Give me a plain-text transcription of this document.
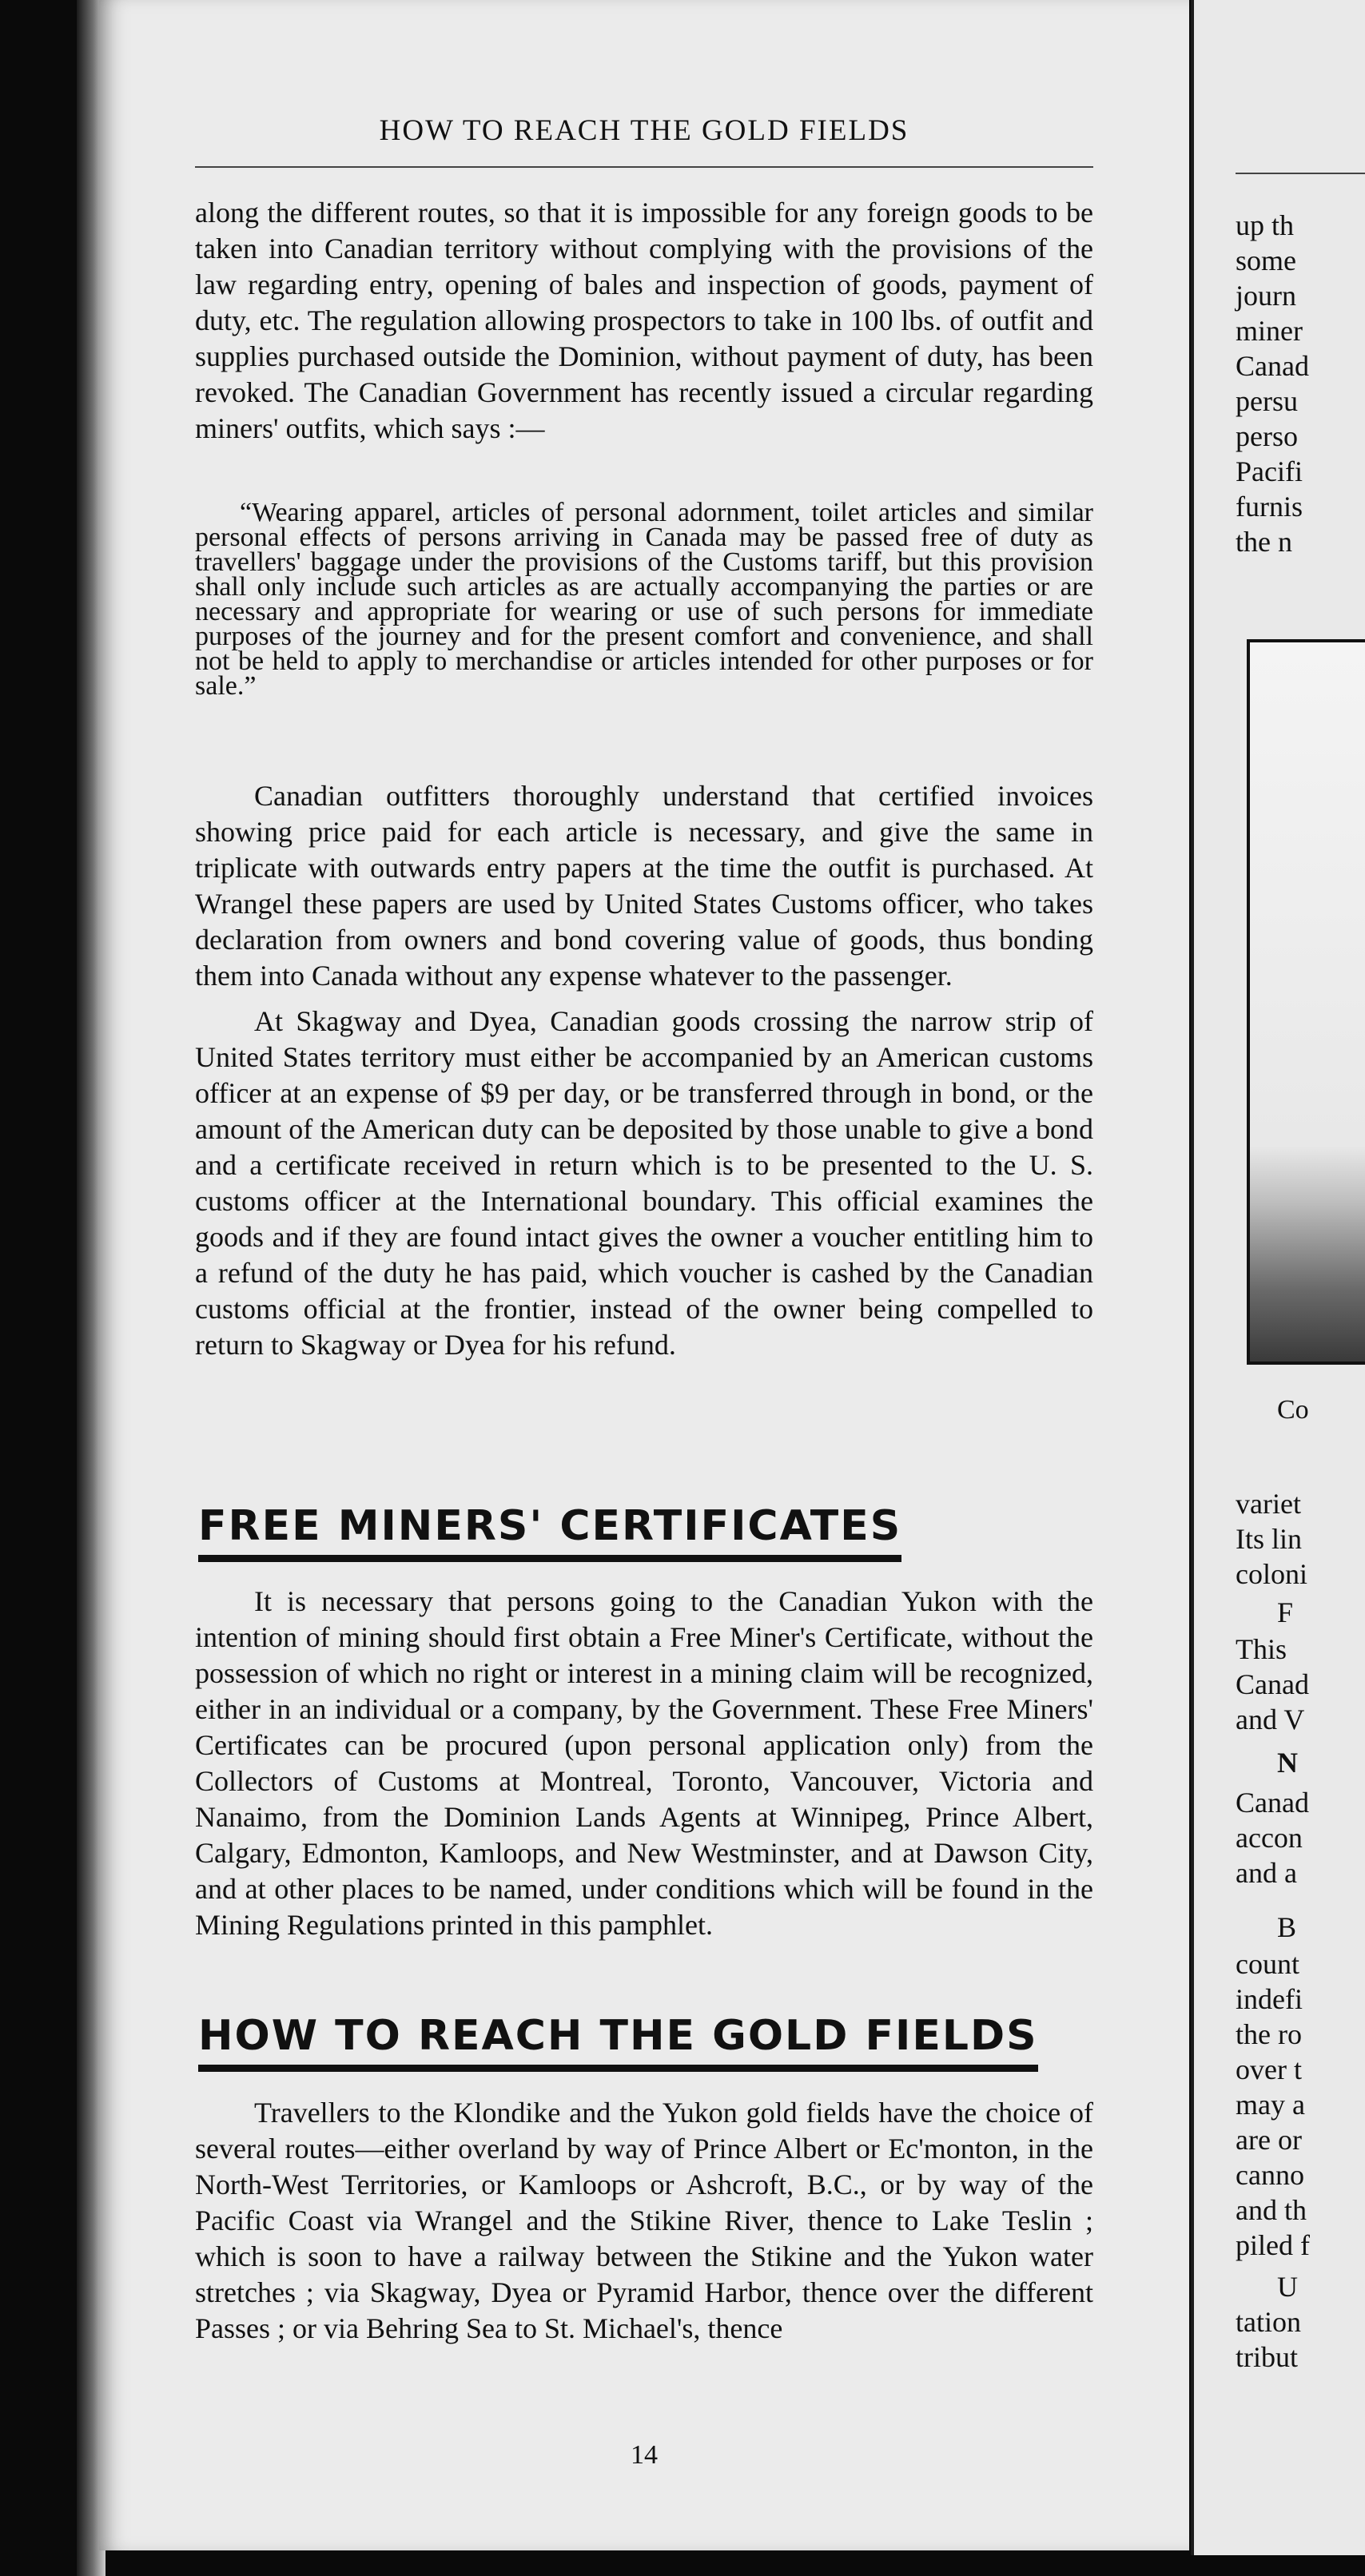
HOW TO REACH THE GOLD FIELDS

along the different routes, so that it is impossible for any foreign goods to be taken into Canadian territory without complying with the provisions of the law regarding entry, opening of bales and inspection of goods, payment of duty, etc. The regulation allowing prospectors to take in 100 lbs. of outfit and supplies purchased outside the Dominion, without payment of duty, has been revoked. The Canadian Government has recently issued a circular regarding miners' outfits, which says :—

“Wearing apparel, articles of personal adornment, toilet articles and similar personal effects of persons arriving in Canada may be passed free of duty as travellers' baggage under the provisions of the Customs tariff, but this provision shall only include such articles as are actually accompanying the parties or are necessary and appropriate for wearing or use of such persons for immediate purposes of the journey and for the present comfort and convenience, and shall not be held to apply to merchandise or articles intended for other purposes or for sale.”

Canadian outfitters thoroughly understand that certified invoices showing price paid for each article is necessary, and give the same in triplicate with outwards entry papers at the time the outfit is purchased. At Wrangel these papers are used by United States Customs officer, who takes declaration from owners and bond covering value of goods, thus bonding them into Canada without any expense whatever to the passenger.

At Skagway and Dyea, Canadian goods crossing the narrow strip of United States territory must either be accompanied by an American customs officer at an expense of $9 per day, or be transferred through in bond, or the amount of the American duty can be deposited by those unable to give a bond and a certificate received in return which is to be presented to the U. S. customs officer at the International boundary. This official examines the goods and if they are found intact gives the owner a voucher entitling him to a refund of the duty he has paid, which voucher is cashed by the Canadian customs official at the frontier, instead of the owner being compelled to return to Skagway or Dyea for his refund.

FREE MINERS' CERTIFICATES

It is necessary that persons going to the Canadian Yukon with the intention of mining should first obtain a Free Miner's Certificate, without the possession of which no right or interest in a mining claim will be recognized, either in an individual or a company, by the Government. These Free Miners' Certificates can be procured (upon personal application only) from the Collectors of Customs at Montreal, Toronto, Vancouver, Victoria and Nanaimo, from the Dominion Lands Agents at Winnipeg, Prince Albert, Calgary, Edmonton, Kamloops, and New Westminster, and at Dawson City, and at other places to be named, under conditions which will be found in the Mining Regulations printed in this pamphlet.

HOW TO REACH THE GOLD FIELDS

Travellers to the Klondike and the Yukon gold fields have the choice of several routes—either overland by way of Prince Albert or Ec'monton, in the North-West Territories, or Kamloops or Ashcroft, B.C., or by way of the Pacific Coast via Wrangel and the Stikine River, thence to Lake Teslin ; which is soon to have a railway between the Stikine and the Yukon water stretches ; via Skagway, Dyea or Pyramid Harbor, thence over the different Passes ; or via Behring Sea to St. Michael's, thence

14
up th
some
journ
miner
Canad
persu
perso
Pacifi
furnis
the n
Co
variet
Its lin
coloni
F
This
Canad
and V
N
Canad
accon
and a
B
count
indefi
the ro
over t
may a
are or
canno
and th
piled f
U
tation
tribut
